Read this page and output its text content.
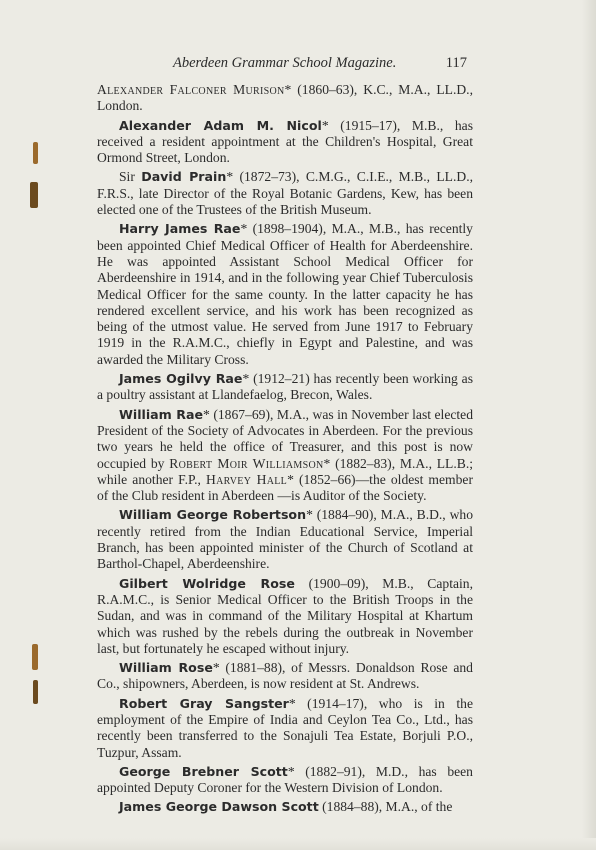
Aberdeen Grammar School Magazine.	117

Alexander Falconer Murison* (1860–63), K.C., M.A., LL.D., London.

Alexander Adam M. Nicol* (1915–17), M.B., has received a resident appointment at the Children's Hospital, Great Ormond Street, London.

Sir David Prain* (1872–73), C.M.G., C.I.E., M.B., LL.D., F.R.S., late Director of the Royal Botanic Gardens, Kew, has been elected one of the Trustees of the British Museum.

Harry James Rae* (1898–1904), M.A., M.B., has recently been appointed Chief Medical Officer of Health for Aberdeenshire. He was appointed Assistant School Medical Officer for Aberdeenshire in 1914, and in the following year Chief Tuberculosis Medical Officer for the same county. In the latter capacity he has rendered excellent service, and his work has been recognized as being of the utmost value. He served from June 1917 to February 1919 in the R.A.M.C., chiefly in Egypt and Palestine, and was awarded the Military Cross.

James Ogilvy Rae* (1912–21) has recently been working as a poultry assistant at Llandefaelog, Brecon, Wales.

William Rae* (1867–69), M.A., was in November last elected President of the Society of Advocates in Aberdeen. For the previous two years he held the office of Treasurer, and this post is now occupied by Robert Moir Williamson* (1882–83), M.A., LL.B.; while another F.P., Harvey Hall* (1852–66)—the oldest member of the Club resident in Aberdeen —is Auditor of the Society.

William George Robertson* (1884–90), M.A., B.D., who recently retired from the Indian Educational Service, Imperial Branch, has been appointed minister of the Church of Scotland at Barthol-Chapel, Aberdeenshire.

Gilbert Wolridge Rose (1900–09), M.B., Captain, R.A.M.C., is Senior Medical Officer to the British Troops in the Sudan, and was in command of the Military Hospital at Khartum which was rushed by the rebels during the outbreak in November last, but fortunately he escaped without injury.

William Rose* (1881–88), of Messrs. Donaldson Rose and Co., shipowners, Aberdeen, is now resident at St. Andrews.

Robert Gray Sangster* (1914–17), who is in the employment of the Empire of India and Ceylon Tea Co., Ltd., has recently been transferred to the Sonajuli Tea Estate, Borjuli P.O., Tuzpur, Assam.

George Brebner Scott* (1882–91), M.D., has been appointed Deputy Coroner for the Western Division of London.

James George Dawson Scott (1884–88), M.A., of the
